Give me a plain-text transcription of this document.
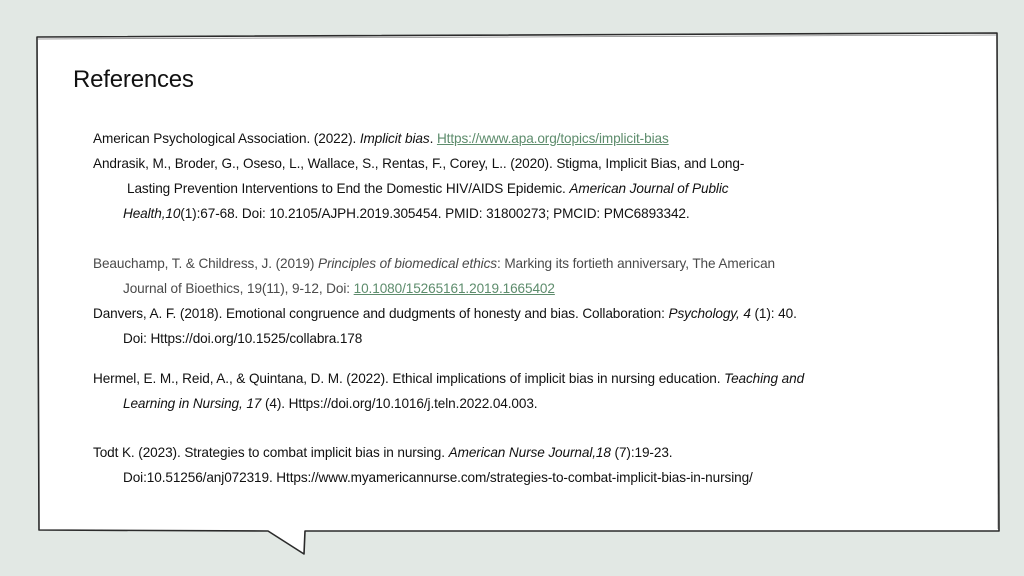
References
American Psychological Association. (2022). Implicit bias. Https://www.apa.org/topics/implicit-bias
Andrasik, M., Broder, G., Oseso, L., Wallace, S., Rentas, F., Corey, L.. (2020). Stigma, Implicit Bias, and Long-
Lasting Prevention Interventions to End the Domestic HIV/AIDS Epidemic. American Journal of Public
Health,10(1):67-68. Doi: 10.2105/AJPH.2019.305454. PMID: 31800273; PMCID: PMC6893342.
Beauchamp, T. & Childress, J. (2019) Principles of biomedical ethics: Marking its fortieth anniversary, The American
Journal of Bioethics, 19(11), 9-12, Doi: 10.1080/15265161.2019.1665402
Danvers, A. F. (2018). Emotional congruence and dudgments of honesty and bias. Collaboration: Psychology, 4 (1): 40.
Doi: Https://doi.org/10.1525/collabra.178
Hermel, E. M., Reid, A., & Quintana, D. M. (2022). Ethical implications of implicit bias in nursing education. Teaching and
Learning in Nursing, 17 (4). Https://doi.org/10.1016/j.teln.2022.04.003.
Todt K. (2023). Strategies to combat implicit bias in nursing. American Nurse Journal,18 (7):19-23.
Doi:10.51256/anj072319. Https://www.myamericannurse.com/strategies-to-combat-implicit-bias-in-nursing/
